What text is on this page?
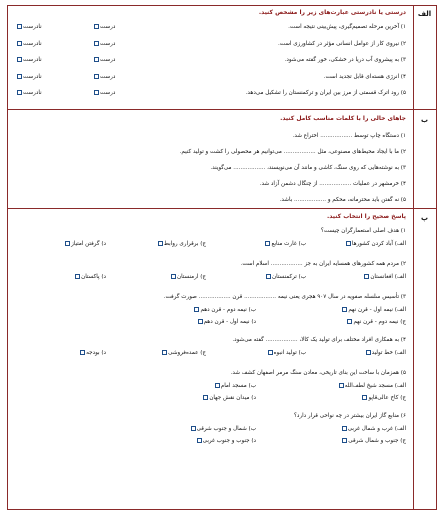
الف
درستی یا نادرستی عبارت‌های زیر را مشخص کنید.
۱) آخرین مرحله تصمیم‌گیری، پیش‌بینی نتیجه است.
درست
نادرست
۲) نیروی کار از عوامل انسانی مؤثر در کشاورزی است.
درست
نادرست
۳) به پیشروی آب دریا در خشکی، خور گفته می‌شود.
درست
نادرست
۴) انرژی هسته‌ای قابل تجدید است.
درست
نادرست
۵) رود اترک قسمتی از مرز بین ایران و ترکمنستان را تشکیل می‌دهد.
درست
نادرست
ب
جاهای خالی را با کلمات مناسب کامل کنید.
۱) دستگاه چاپ توسط .................. اختراع شد.
۲) ما با ایجاد محیط‌های مصنوعی، مثل .................. می‌توانیم هر محصولی را کشت و تولید کنیم.
۳) به نوشته‌هایی که روی سنگ، کاشی و مانند آن می‌نویسند، .................. می‌گویند.
۴) خرمشهر در عملیات .................. از چنگال دشمن آزاد شد.
۵) نه گفتن باید محترمانه، محکم و .................. باشد.
پ
پاسخ صحیح را انتخاب کنید.
۱) هدف اصلی استعمارگران چیست؟
الف) آباد کردن کشورها
ب) غارت منابع
ج) برقراری روابط
د) گرفتن امتیاز
۲) مردم همه کشورهای همسایه ایران به جز .................. اسلام است.
الف) افغانستان
ب) ترکمنستان
ج) ارمنستان
د) پاکستان
۳) تأسیس سلسله صفویه در سال ۹۰۷ هجری یعنی نیمه .................. قرن .................. صورت گرفت.
الف) نیمه اول - قرن نهم
ب) نیمه دوم - قرن دهم
ج) نیمه دوم - قرن نهم
د) نیمه اول - قرن دهم
۴) به همکاری افراد مختلف برای تولید یک کالا، .................. گفته می‌شود.
الف) خط تولید
ب) تولید انبوه
ج) عمده‌فروشی
د) بودجه
۵) همزمان با ساخت این بنای تاریخی، معادن سنگ مرمر اصفهان کشف شد.
الف) مسجد شیخ لطف‌الله
ب) مسجد امام
ج) کاخ عالی‌قاپو
د) میدان نقش جهان
۶) منابع گاز ایران بیشتر در چه نواحی قرار دارد؟
الف) غرب و شمال غربی
ب) شمال و جنوب شرقی
ج) جنوب و شمال شرقی
د) جنوب و جنوب غربی
